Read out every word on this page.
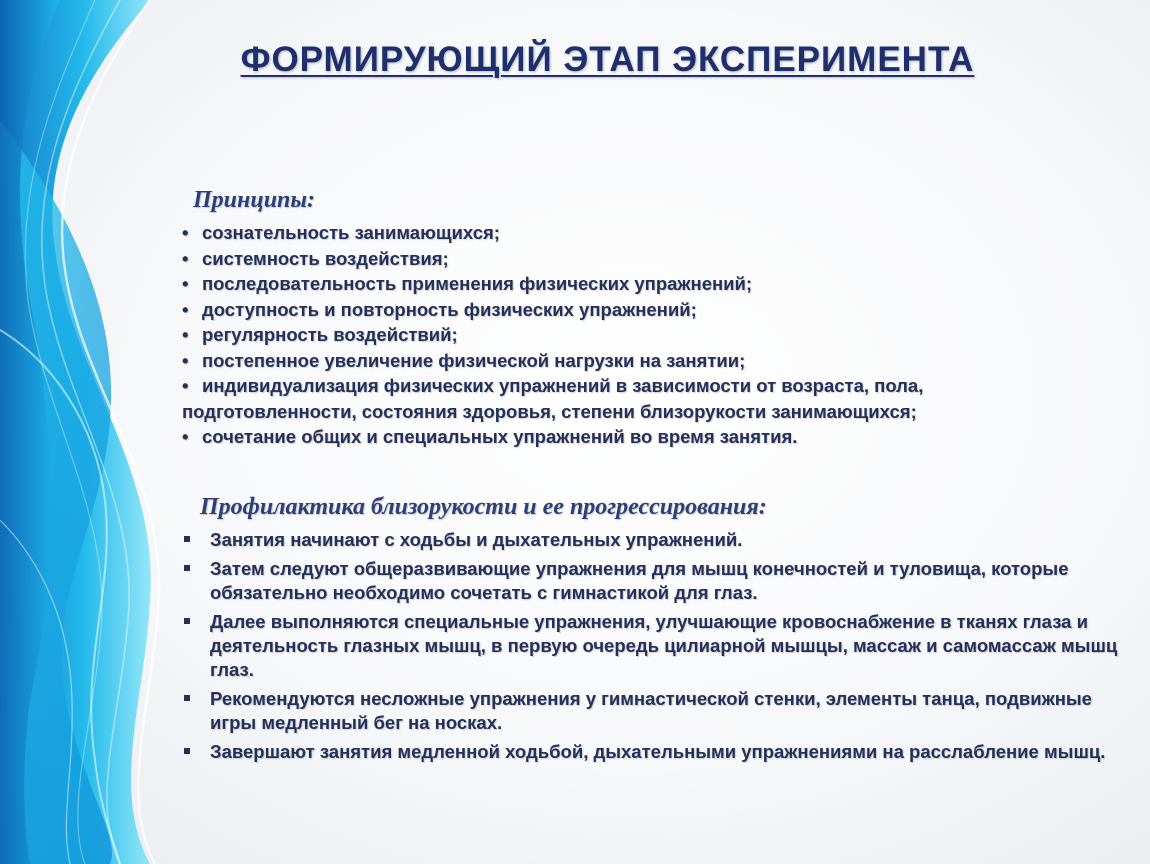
ФОРМИРУЮЩИЙ ЭТАП ЭКСПЕРИМЕНТА
Принципы:
• сознательность занимающихся;
• системность воздействия;
• последовательность применения физических упражнений;
• доступность и повторность физических упражнений;
• регулярность воздействий;
• постепенное увеличение физической нагрузки на занятии;
• индивидуализация физических упражнений в зависимости от возраста, пола,
подготовленности, состояния здоровья, степени близорукости занимающихся;
• сочетание общих и специальных упражнений во время занятия.
Профилактика близорукости и ее прогрессирования:
Занятия начинают с ходьбы и дыхательных упражнений.
Затем следуют общеразвивающие упражнения для мышц конечностей и туловища, которые обязательно необходимо сочетать с гимнастикой для глаз.
Далее выполняются специальные упражнения, улучшающие кровоснабжение в тканях глаза и деятельность глазных мышц, в первую очередь цилиарной мышцы, массаж и самомассаж мышц глаз.
Рекомендуются несложные упражнения у гимнастической стенки, элементы танца, подвижные игры медленный бег на носках.
Завершают занятия медленной ходьбой, дыхательными упражнениями на расслабление мышц.
